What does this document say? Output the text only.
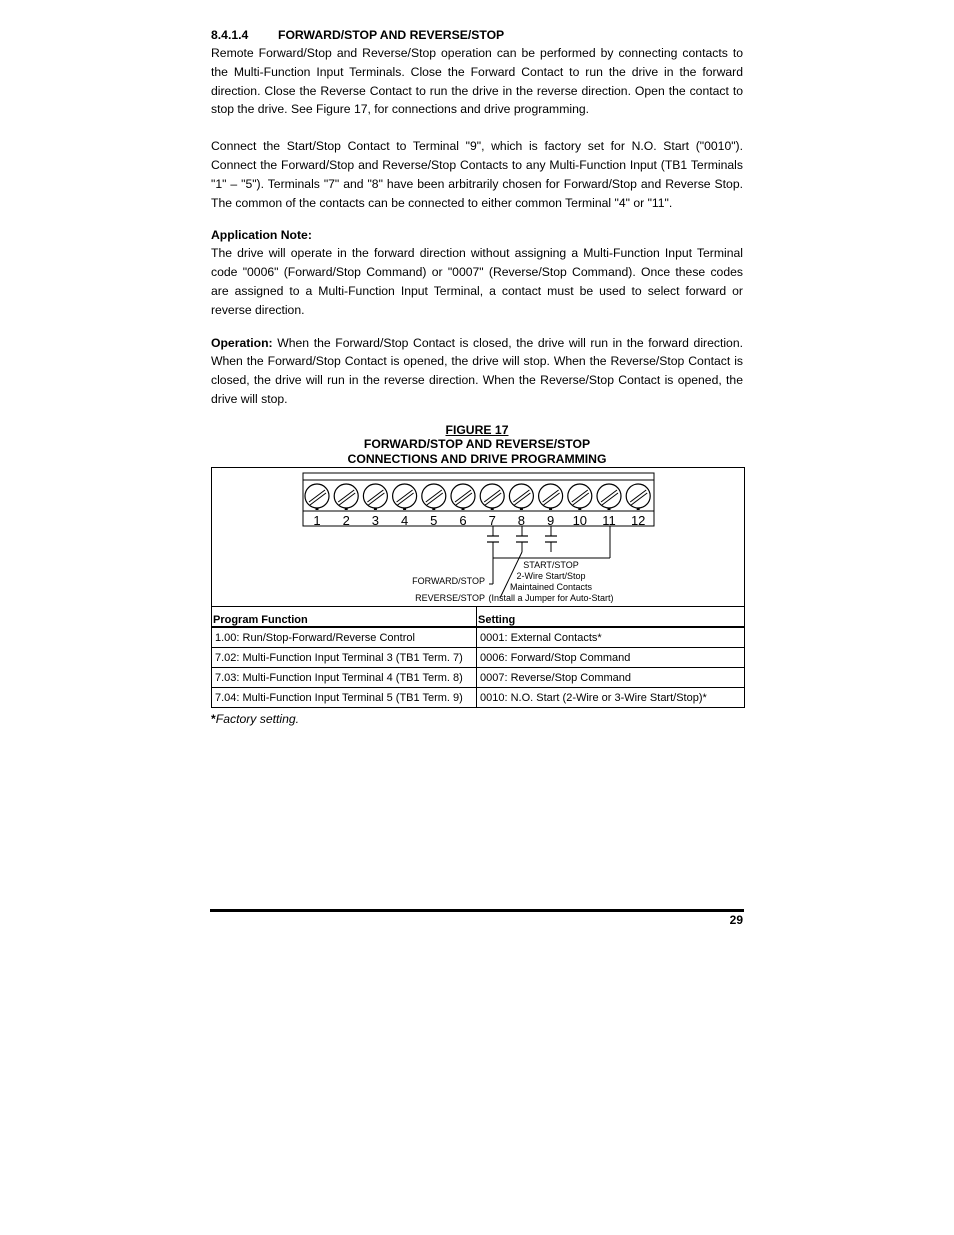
8.4.1.4 FORWARD/STOP AND REVERSE/STOP

Remote Forward/Stop and Reverse/Stop operation can be performed by connecting contacts to the Multi-Function Input Terminals. Close the Forward Contact to run the drive in the forward direction. Close the Reverse Contact to run the drive in the reverse direction. Open the contact to stop the drive. See Figure 17, for connections and drive programming.

Connect the Start/Stop Contact to Terminal "9", which is factory set for N.O. Start ("0010"). Connect the Forward/Stop and Reverse/Stop Contacts to any Multi-Function Input (TB1 Terminals "1" – "5"). Terminals "7" and "8" have been arbitrarily chosen for Forward/Stop and Reverse Stop. The common of the contacts can be connected to either common Terminal "4" or "11".

Application Note:

The drive will operate in the forward direction without assigning a Multi-Function Input Terminal code "0006" (Forward/Stop Command) or "0007" (Reverse/Stop Command). Once these codes are assigned to a Multi-Function Input Terminal, a contact must be used to select forward or reverse direction.

Operation: When the Forward/Stop Contact is closed, the drive will run in the forward direction. When the Forward/Stop Contact is opened, the drive will stop. When the Reverse/Stop Contact is closed, the drive will run in the reverse direction. When the Reverse/Stop Contact is opened, the drive will stop.

FIGURE 17
FORWARD/STOP AND REVERSE/STOP
CONNECTIONS AND DRIVE PROGRAMMING
1 2 3 4 5 6 7 8 9 10 11 12
START/STOP
2-Wire Start/Stop
Maintained Contacts
(Install a Jumper for Auto-Start)
FORWARD/STOP
REVERSE/STOP
Program Function	Setting
1.00: Run/Stop-Forward/Reverse Control	0001: External Contacts*
7.02: Multi-Function Input Terminal 3 (TB1 Term. 7)	0006: Forward/Stop Command
7.03: Multi-Function Input Terminal 4 (TB1 Term. 8)	0007: Reverse/Stop Command
7.04: Multi-Function Input Terminal 5 (TB1 Term. 9)	0010: N.O. Start (2-Wire or 3-Wire Start/Stop)*
*Factory setting.
29
